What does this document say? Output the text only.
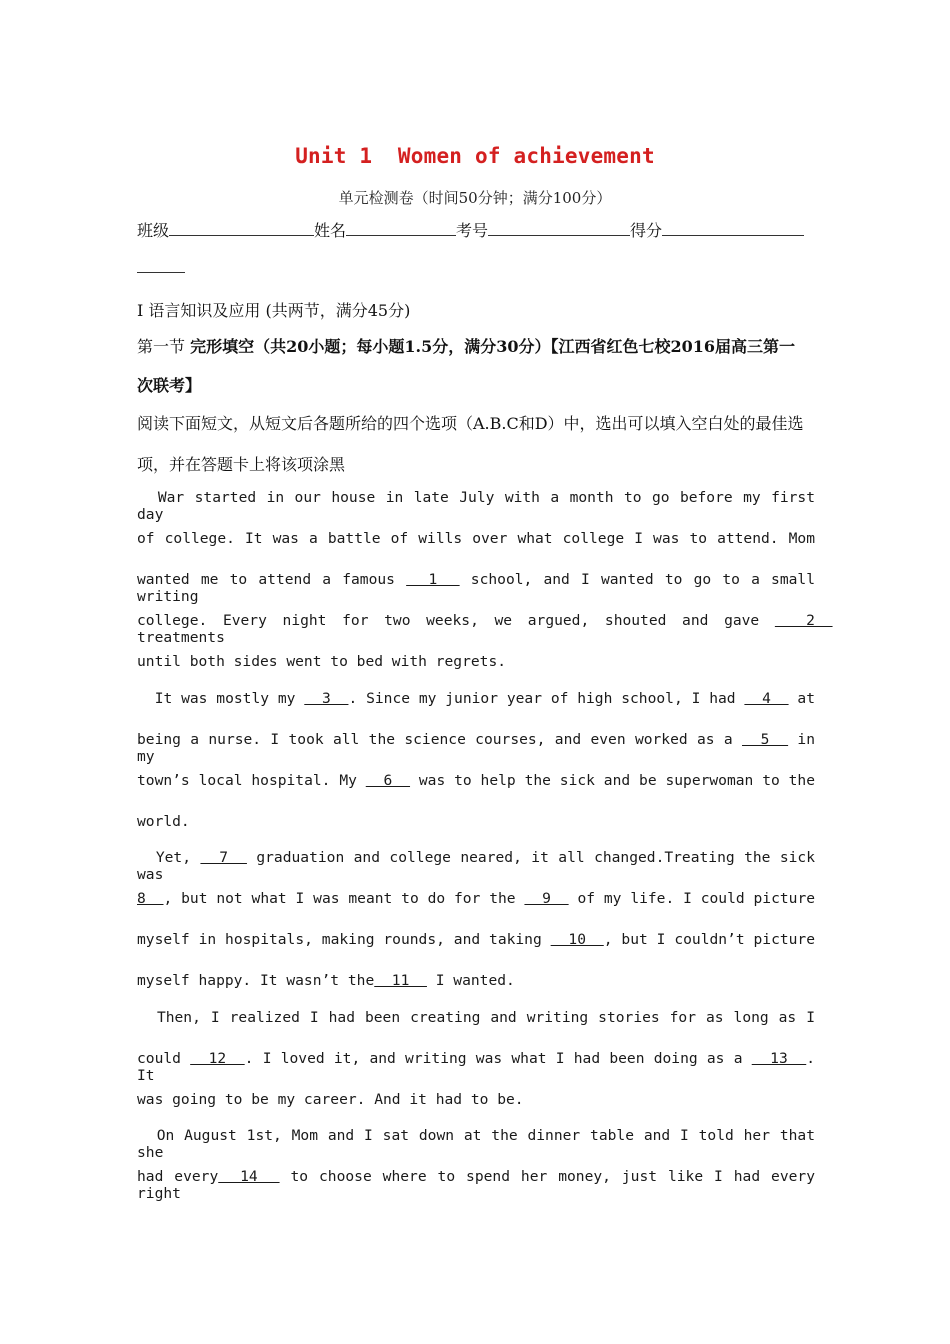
Unit 1  Women of achievement
单元检测卷（时间50分钟；满分100分）
班级	姓名	考号	得分
I 语言知识及应用 (共两节，满分45分)
第一节 完形填空（共20小题；每小题1.5分，满分30分）【江西省红色七校2016届高三第一
次联考】
阅读下面短文，从短文后各题所给的四个选项（A.B.C和D）中，选出可以填入空白处的最佳选
项，并在答题卡上将该项涂黑
War started in our house in late July with a month to go before my first day
of college. It was a battle of wills over what college I was to attend. Mom
wanted me to attend a famous   1   school, and I wanted to go to a small writing
college. Every night for two weeks, we argued, shouted and gave   2   treatments
until both sides went to bed with regrets.
It was mostly my   3  . Since my junior year of high school, I had   4   at
being a nurse. I took all the science courses, and even worked as a   5   in my
town’s local hospital. My   6   was to help the sick and be superwoman to the
world.
Yet,   7   graduation and college neared, it all changed.Treating the sick was
8  , but not what I was meant to do for the   9   of my life. I could picture
myself in hospitals, making rounds, and taking   10  , but I couldn’t picture
myself happy. It wasn’t the  11   I wanted.
Then, I realized I had been creating and writing stories for as long as I
could   12  . I loved it, and writing was what I had been doing as a   13  . It
was going to be my career. And it had to be.
On August 1st, Mom and I sat down at the dinner table and I told her that she
had every  14   to choose where to spend her money, just like I had every right
